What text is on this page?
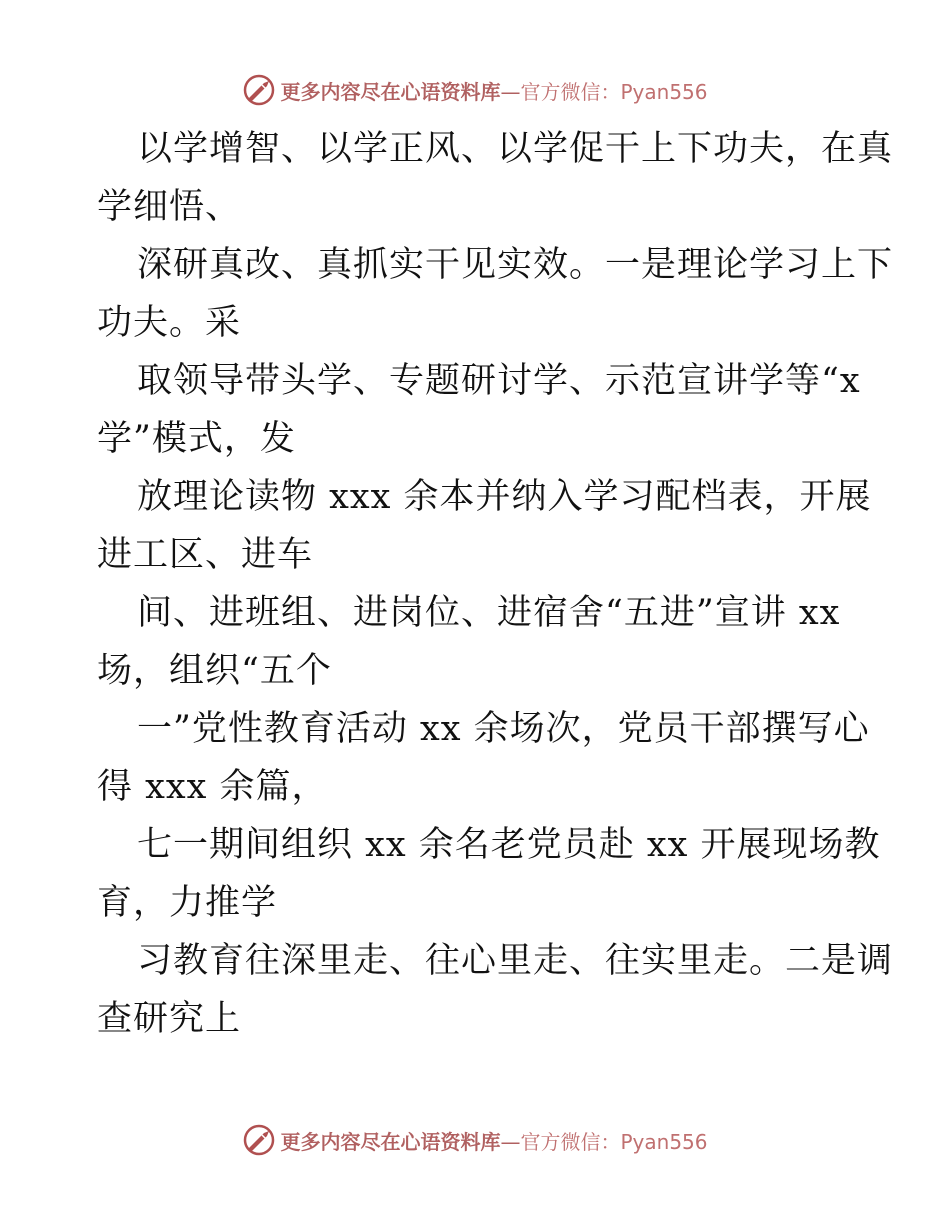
更多内容尽在心语资料库—官方微信：Pyan556
以学增智、以学正风、以学促干上下功夫，在真
学细悟、
深研真改、真抓实干见实效。一是理论学习上下
功夫。采
取领导带头学、专题研讨学、示范宣讲学等“x
学”模式，发
放理论读物 xxx 余本并纳入学习配档表，开展
进工区、进车
间、进班组、进岗位、进宿舍“五进”宣讲 xx
场，组织“五个
一”党性教育活动 xx 余场次，党员干部撰写心
得 xxx 余篇，
七一期间组织 xx 余名老党员赴 xx 开展现场教
育，力推学
习教育往深里走、往心里走、往实里走。二是调
查研究上
更多内容尽在心语资料库—官方微信：Pyan556
